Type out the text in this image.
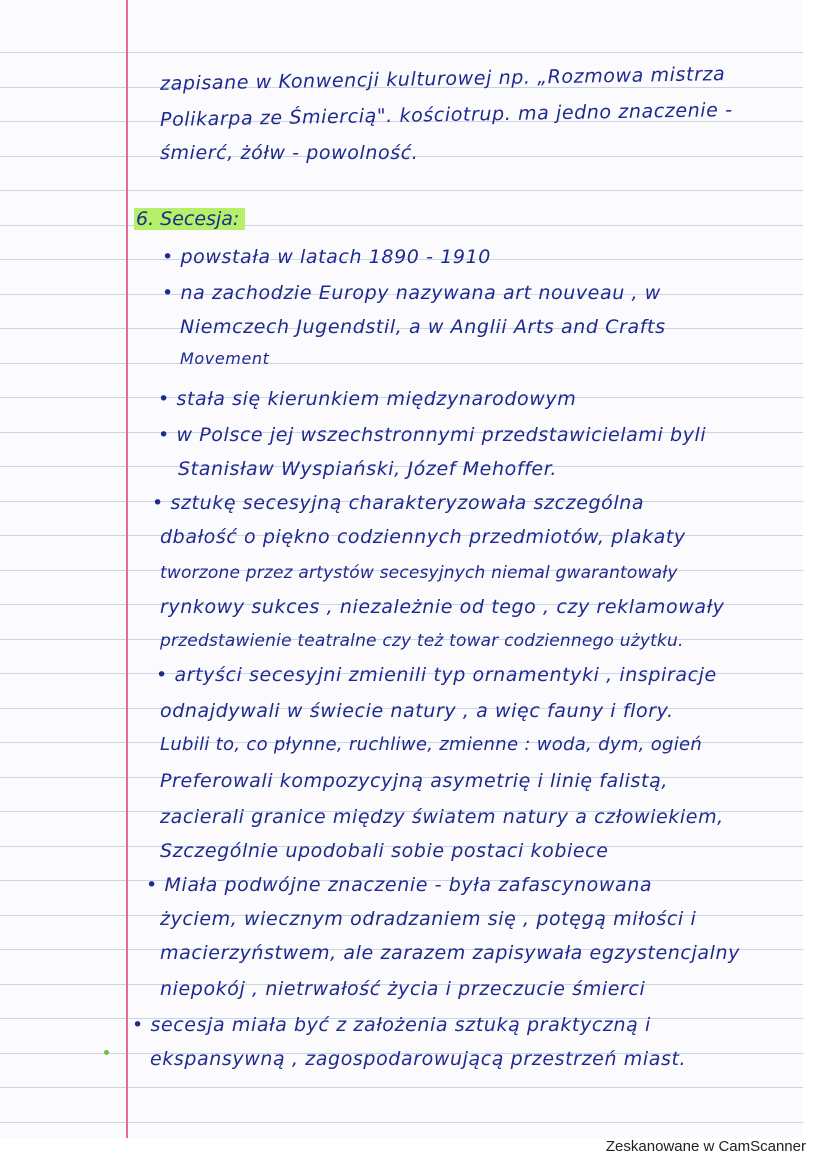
zapisane w Konwencji kulturowej np. „Rozmowa mistrza
Polikarpa ze Śmiercią". kościotrup. ma jedno znaczenie -
śmierć, żółw - powolność.
6. Secesja:
• powstała w latach 1890 - 1910
• na zachodzie Europy nazywana art nouveau , w
Niemczech Jugendstil, a w Anglii Arts and Crafts
Movement
• stała się kierunkiem międzynarodowym
• w Polsce jej wszechstronnymi przedstawicielami byli
Stanisław Wyspiański, Józef Mehoffer.
• sztukę secesyjną charakteryzowała szczególna
dbałość o piękno codziennych przedmiotów, plakaty
tworzone przez artystów secesyjnych niemal gwarantowały
rynkowy sukces , niezależnie od tego , czy reklamowały
przedstawienie teatralne czy też towar codziennego użytku.
• artyści secesyjni zmienili typ ornamentyki , inspiracje
odnajdywali w świecie natury , a więc fauny i flory.
Lubili to, co płynne, ruchliwe, zmienne : woda, dym, ogień
Preferowali kompozycyjną asymetrię i linię falistą,
zacierali granice między światem natury a człowiekiem,
Szczególnie upodobali sobie postaci kobiece
• Miała podwójne znaczenie - była zafascynowana
życiem, wiecznym odradzaniem się , potęgą miłości i
macierzyństwem, ale zarazem zapisywała egzystencjalny
niepokój , nietrwałość życia i przeczucie śmierci
• secesja miała być z założenia sztuką praktyczną i
ekspansywną , zagospodarowującą przestrzeń miast.
Zeskanowane w CamScanner
